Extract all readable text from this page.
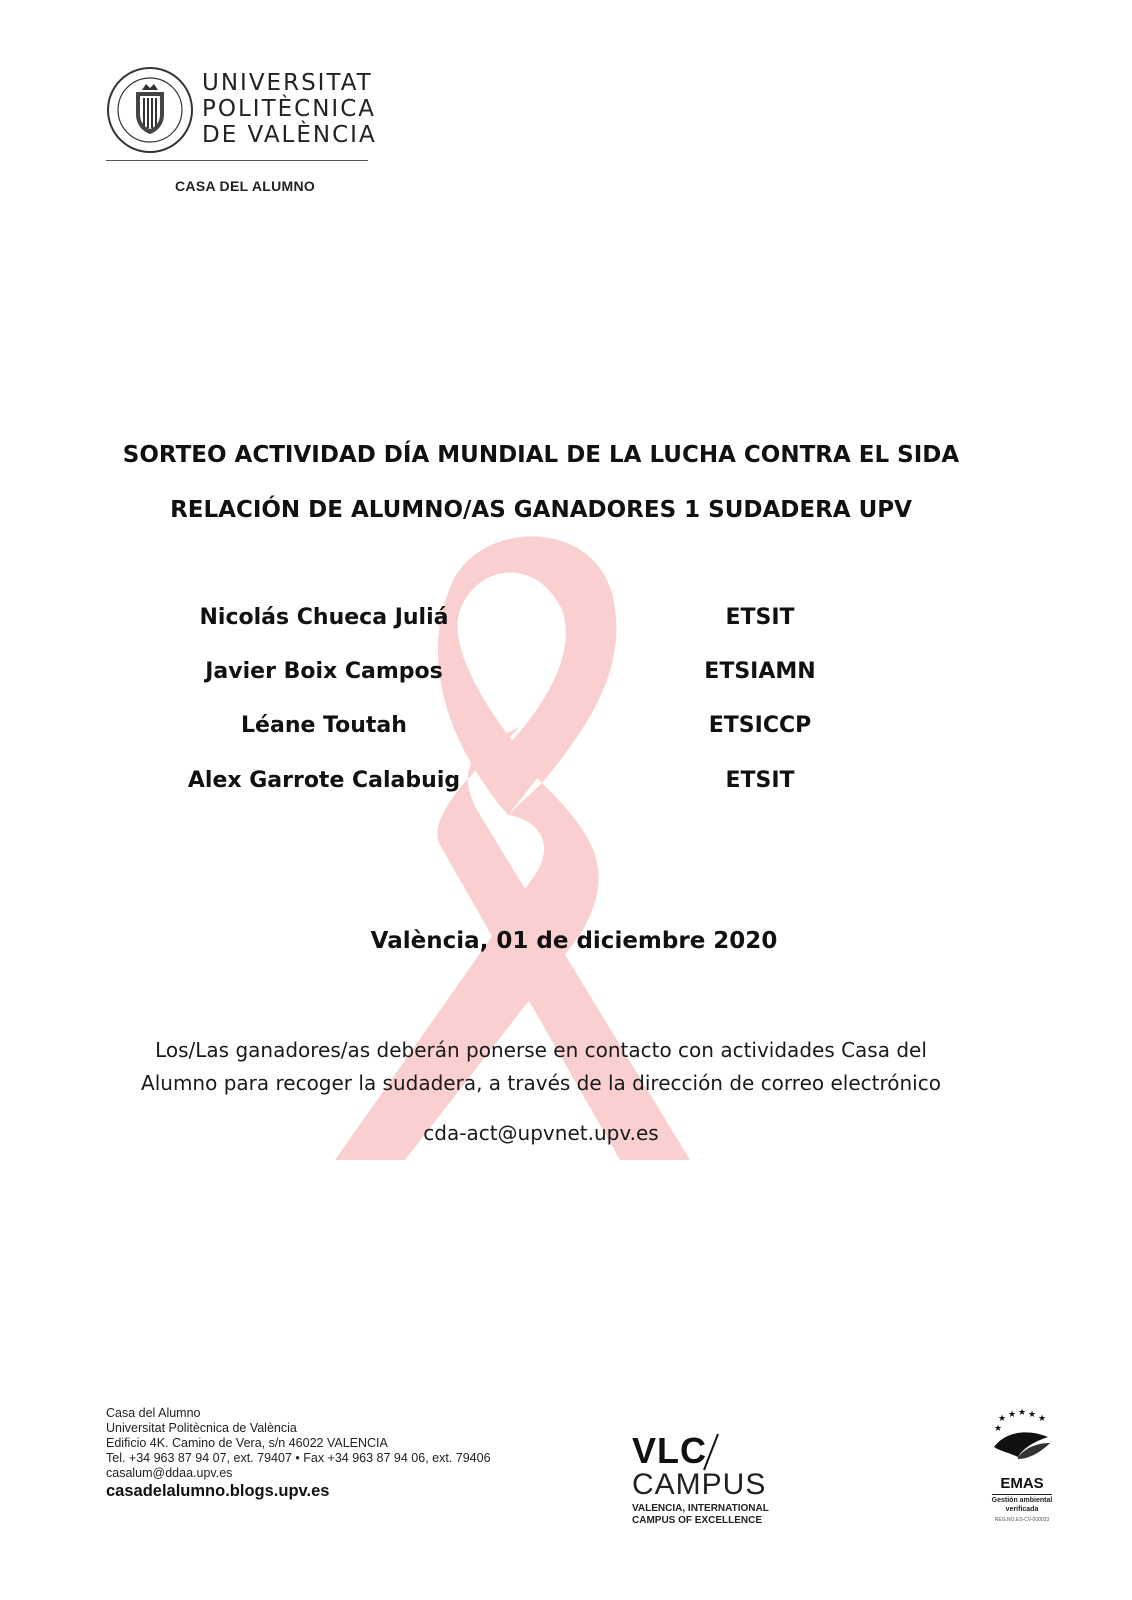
UNIVERSITAT
POLITÈCNICA
DE VALÈNCIA
CASA DEL ALUMNO
SORTEO ACTIVIDAD DÍA MUNDIAL DE LA LUCHA CONTRA EL SIDA
RELACIÓN DE ALUMNO/AS GANADORES 1 SUDADERA UPV
Nicolás Chueca Juliá	ETSIT
Javier Boix Campos	ETSIAMN
Léane Toutah	ETSICCP
Alex Garrote Calabuig	ETSIT
València, 01 de diciembre 2020
Los/Las ganadores/as deberán ponerse en contacto con actividades Casa del
Alumno para recoger la sudadera, a través de la dirección de correo electrónico
cda-act@upvnet.upv.es
Casa del Alumno
Universitat Politècnica de València
Edificio 4K. Camino de Vera, s/n 46022 VALENCIA
Tel. +34 963 87 94 07, ext. 79407 • Fax +34 963 87 94 06, ext. 79406
casalum@ddaa.upv.es
casadelalumno.blogs.upv.es
VLC
CAMPUS
VALENCIA, INTERNATIONAL
CAMPUS OF EXCELLENCE
★ ★ ★ ★ ★
★
EMAS
Gestión ambiental
verificada
REG.NO.ES-CV-000033
